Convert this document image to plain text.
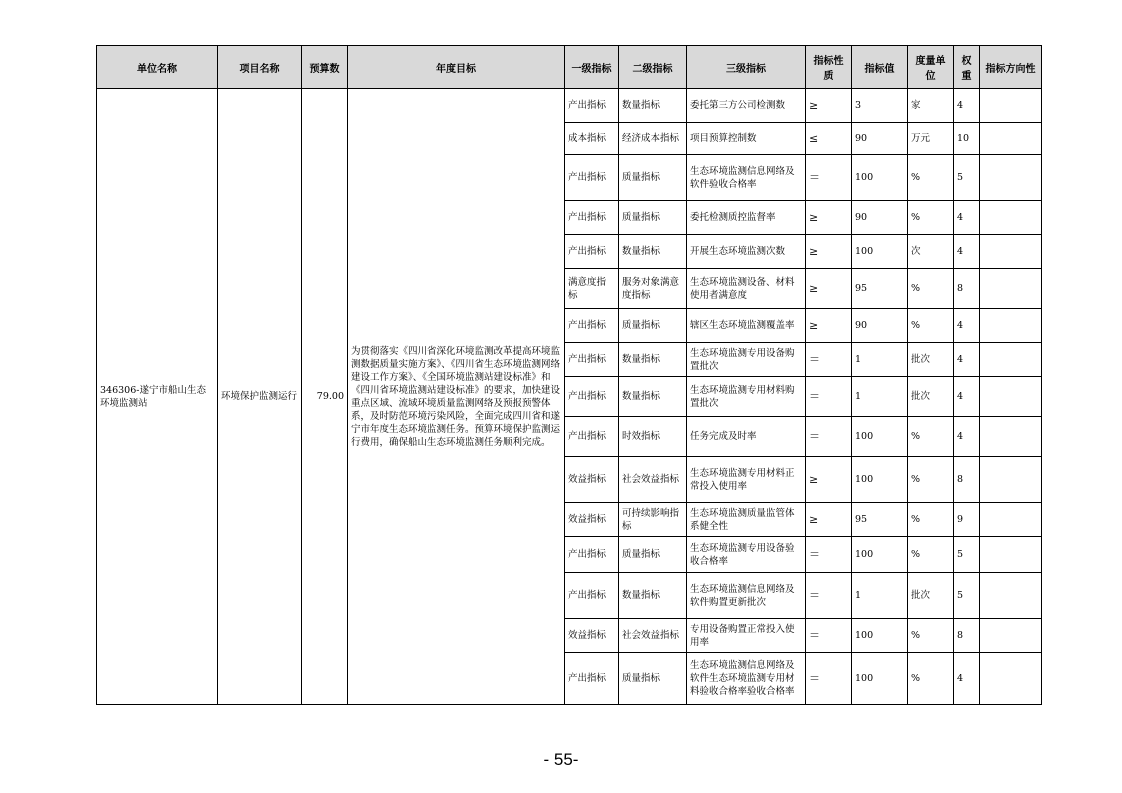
单位名称	项目名称	预算数	年度目标	一级指标	二级指标	三级指标	指标性质	指标值	度量单位	权重	指标方向性
346306-遂宁市船山生态环境监测站	环境保护监测运行	79.00	为贯彻落实《四川省深化环境监测改革提高环境监测数据质量实施方案》、《四川省生态环境监测网络建设工作方案》、《全国环境监测站建设标准》和《四川省环境监测站建设标准》的要求，加快建设重点区域、流域环境质量监测网络及预报预警体系，及时防范环境污染风险，全面完成四川省和遂宁市年度生态环境监测任务。预算环境保护监测运行费用，确保船山生态环境监测任务顺利完成。	产出指标	数量指标	委托第三方公司检测数	≥	3	家	4	
				成本指标	经济成本指标	项目预算控制数	≤	90	万元	10	
				产出指标	质量指标	生态环境监测信息网络及软件验收合格率	＝	100	%	5	
				产出指标	质量指标	委托检测质控监督率	≥	90	%	4	
				产出指标	数量指标	开展生态环境监测次数	≥	100	次	4	
				满意度指标	服务对象满意度指标	生态环境监测设备、材料使用者满意度	≥	95	%	8	
				产出指标	质量指标	辖区生态环境监测覆盖率	≥	90	%	4	
				产出指标	数量指标	生态环境监测专用设备购置批次	＝	1	批次	4	
				产出指标	数量指标	生态环境监测专用材料购置批次	＝	1	批次	4	
				产出指标	时效指标	任务完成及时率	＝	100	%	4	
				效益指标	社会效益指标	生态环境监测专用材料正常投入使用率	≥	100	%	8	
				效益指标	可持续影响指标	生态环境监测质量监管体系健全性	≥	95	%	9	
				产出指标	质量指标	生态环境监测专用设备验收合格率	＝	100	%	5	
				产出指标	数量指标	生态环境监测信息网络及软件购置更新批次	＝	1	批次	5	
				效益指标	社会效益指标	专用设备购置正常投入使用率	＝	100	%	8	
				产出指标	质量指标	生态环境监测信息网络及软件生态环境监测专用材料验收合格率验收合格率	＝	100	%	4	
- 55-
